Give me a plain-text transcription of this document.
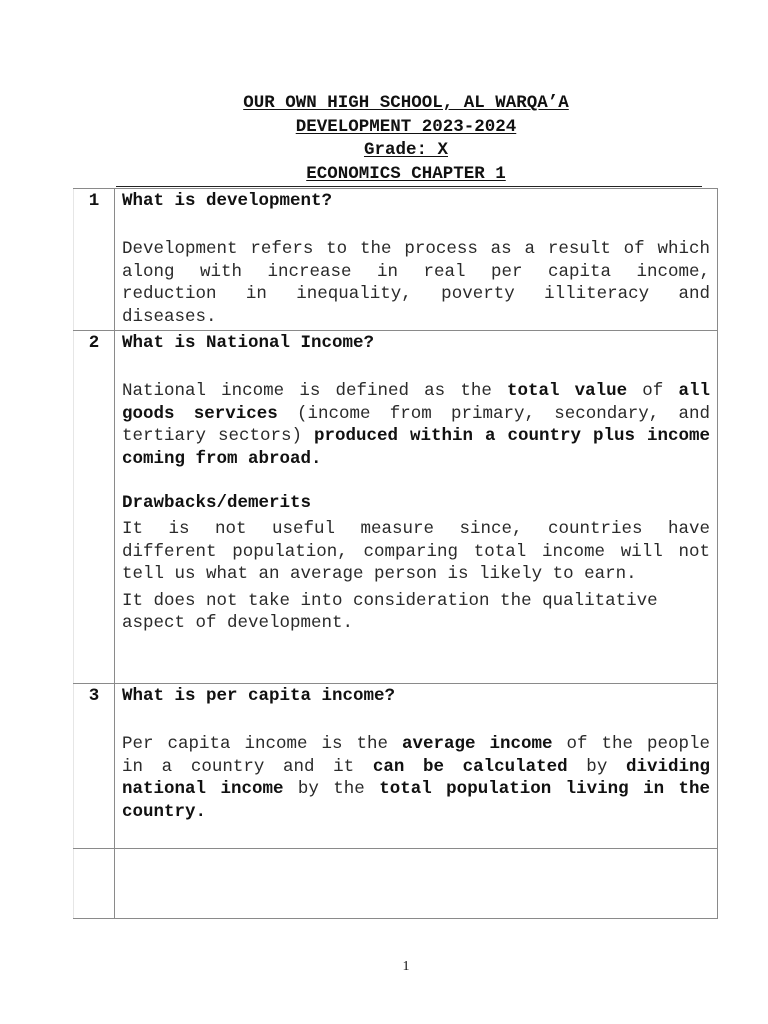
OUR OWN HIGH SCHOOL, AL WARQA’A
DEVELOPMENT 2023-2024
Grade: X
ECONOMICS CHAPTER 1
1	What is development?
Development refers to the process as a result of which along with increase in real per capita income, reduction in inequality, poverty illiteracy and diseases.

2	What is National Income?
National income is defined as the total value of all goods services (income from primary, secondary, and tertiary sectors) produced within a country plus income coming from abroad.
Drawbacks/demerits
It is not useful measure since, countries have different population, comparing total income will not tell us what an average person is likely to earn.
It does not take into consideration the qualitative aspect of development.

3	What is per capita income?
Per capita income is the average income of the people in a country and it can be calculated by dividing national income by the total population living in the country.

1
